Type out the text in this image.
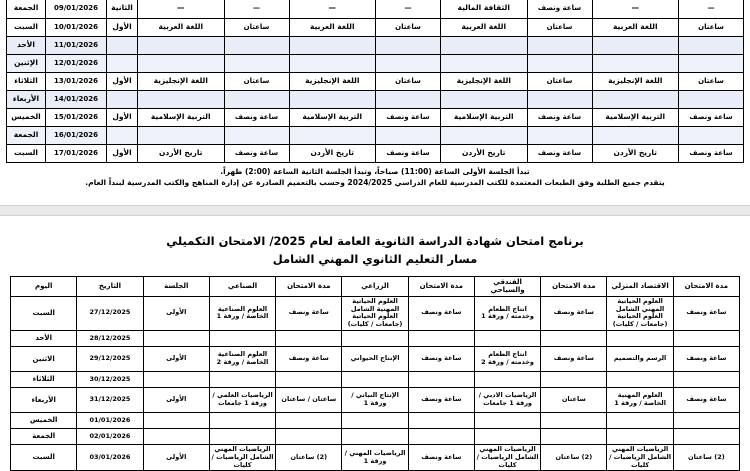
—	—	ساعة ونصف	الثقافة المالية	—	—	—	—	الثانية	09/01/2026	الجمعة
ساعتان	اللغة العربية	ساعتان	اللغة العربية	ساعتان	اللغة العربية	ساعتان	اللغة العربية	الأول	10/01/2026	السبت
									11/01/2026	الأحد
									12/01/2026	الإثنين
ساعتان	اللغة الإنجليزية	ساعتان	اللغة الإنجليزية	ساعتان	اللغة الإنجليزية	ساعتان	اللغة الإنجليزية	الأول	13/01/2026	الثلاثاء
									14/01/2026	الأربعاء
ساعة ونصف	التربية الإسلامية	ساعة ونصف	التربية الإسلامية	ساعة ونصف	التربية الإسلامية	ساعة ونصف	التربية الإسلامية	الأول	15/01/2026	الخميس
									16/01/2026	الجمعة
ساعة ونصف	تاريخ الأردن	ساعة ونصف	تاريخ الأردن	ساعة ونصف	تاريخ الأردن	ساعة ونصف	تاريخ الأردن	الأول	17/01/2026	السبت
تبدأ الجلسة الأولى الساعة (11:00) صباحاً، وتبدأ الجلسة الثانية الساعة (2:00) ظهراً.
يتقدم جميع الطلبة وفق الطبعات المعتمدة للكتب المدرسية للعام الدراسي 2024/2025 وحسب بالتعميم الصادرة عن إدارة المناهج والكتب المدرسية لبنداً العام.
برنامج امتحان شهادة الدراسة الثانوية العامة لعام 2025/ الامتحان التكميلي
مسار التعليم الثانوي المهني الشامل
مدة الامتحان	الاقتصاد المنزلي	مدة الامتحان	الفندقي والسياحي	مدة الامتحان	الزراعي	مدة الامتحان	الصناعي	الجلسة	التاريخ	اليوم
ساعة ونصف	العلوم الحياتية المهني الشامل العلوم الحياتية (جامعات / كليات)	ساعة ونصف	انتاج الطعام وخدمته / ورقة 1	ساعة ونصف	العلوم الحياتية المهنية الشامل العلوم الحياتية (جامعات / كليات)	ساعة ونصف	العلوم الصناعية الخاصة / ورقة 1	الأولى	27/12/2025	السبت
									28/12/2025	الأحد
ساعة ونصف	الرسم والتصميم	ساعة ونصف	انتاج الطعام وخدمته / ورقة 2	ساعة ونصف	الإنتاج الحيواني	ساعة ونصف	العلوم الصناعية الخاصة / ورقة 2	الأولى	29/12/2025	الاثنين
									30/12/2025	الثلاثاء
ساعة ونصف	العلوم المهنية الخاصة / ورقة 1	ساعتان	الرياضيات الادبي / ورقة 1 جامعات	ساعة ونصف	الإنتاج النباتي / ورقة 1	ساعتان / ساعتان	الرياضيات العلمي / ورقة 1 جامعات	الأولى	31/12/2025	الأربعاء
									01/01/2026	الخميس
									02/01/2026	الجمعة
(2) ساعتان	الرياضيات المهني الشامل الرياضيات / كليات	(2) ساعتان	الرياضيات المهني الشامل الرياضيات / كليات	ساعة ونصف	الرياضيات المهني / ورقة 1	(2) ساعتان	الرياضيات المهني الشامل الرياضيات / كليات	الأولى	03/01/2026	السبت
